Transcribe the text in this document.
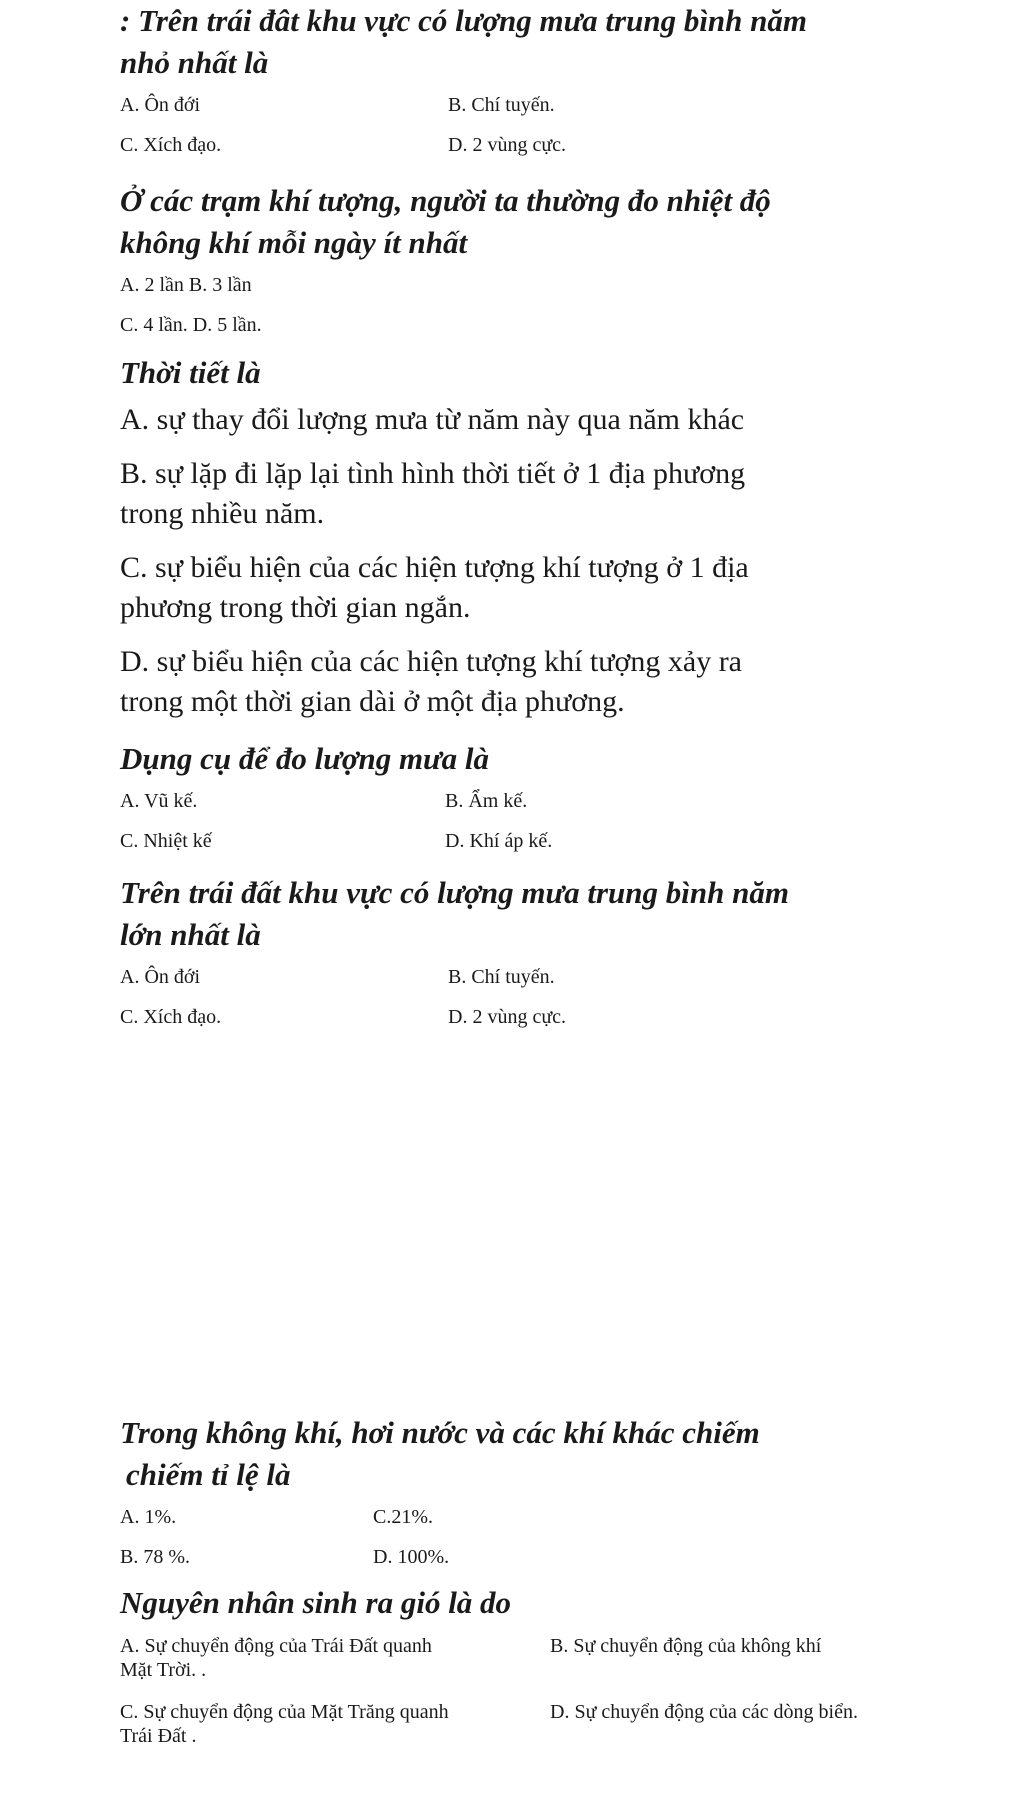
: Trên trái đât khu vực có lượng mưa trung bình năm
nhỏ nhất là

A. Ôn đới	B. Chí tuyến.
C. Xích đạo.	D. 2 vùng cực.

Ở các trạm khí tượng, người ta thường đo nhiệt độ
không khí mỗi ngày ít nhất

A. 2 lần B. 3 lần
C. 4 lần. D. 5 lần.

Thời tiết là

A. sự thay đổi lượng mưa từ năm này qua năm khác

B. sự lặp đi lặp lại tình hình thời tiết ở 1 địa phương
trong nhiều năm.

C. sự biểu hiện của các hiện tượng khí tượng ở 1 địa
phương trong thời gian ngắn.

D. sự biểu hiện của các hiện tượng khí tượng xảy ra
trong một thời gian dài ở một địa phương.

Dụng cụ để đo lượng mưa là

A. Vũ kế.	B. Ẩm kế.
C. Nhiệt kế	D. Khí áp kế.

Trên trái đất khu vực có lượng mưa trung bình năm
lớn nhất là

A. Ôn đới	B. Chí tuyến.
C. Xích đạo.	D. 2 vùng cực.

Trong không khí, hơi nước và các khí khác chiếm
chiếm tỉ lệ là

A. 1%.	C.21%.
B. 78 %.	D. 100%.

Nguyên nhân sinh ra gió là do

A. Sự chuyển động của Trái Đất quanh
Mặt Trời. .
B. Sự chuyển động của không khí
C. Sự chuyển động của Mặt Trăng quanh
Trái Đất .
D. Sự chuyển động của các dòng biển.
